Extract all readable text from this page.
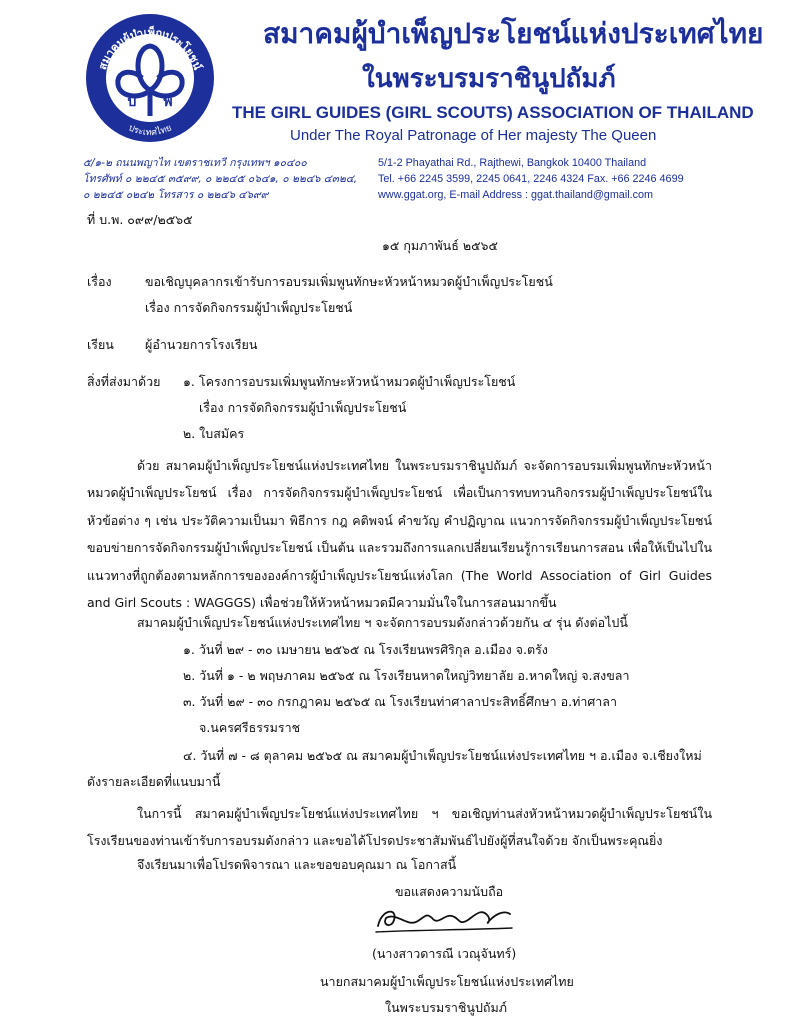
สมาคมผู้บำเพ็ญประโยชน์
ประเทศไทย
บ พ
สมาคมผู้บำเพ็ญประโยชน์แห่งประเทศไทย
ในพระบรมราชินูปถัมภ์
THE GIRL GUIDES (GIRL SCOUTS) ASSOCIATION OF THAILAND
Under The Royal Patronage of Her majesty The Queen
๕/๑-๒ ถนนพญาไท เขตราชเทวี กรุงเทพฯ ๑๐๔๐๐
โทรศัพท์ ๐ ๒๒๔๕ ๓๕๙๙, ๐ ๒๒๔๕ ๐๖๔๑, ๐ ๒๒๔๖ ๔๓๒๔,
๐ ๒๒๔๕ ๐๒๔๒ โทรสาร ๐ ๒๒๔๖ ๔๖๙๙
5/1-2 Phayathai Rd., Rajthewi, Bangkok 10400 Thailand
Tel. +66 2245 3599, 2245 0641, 2246 4324 Fax. +66 2246 4699
www.ggat.org, E-mail Address : ggat.thailand@gmail.com
ที่ บ.พ. ๐๙๙/๒๕๖๕
๑๕ กุมภาพันธ์ ๒๕๖๕
เรื่อง	ขอเชิญบุคลากรเข้ารับการอบรมเพิ่มพูนทักษะหัวหน้าหมวดผู้บำเพ็ญประโยชน์
เรื่อง การจัดกิจกรรมผู้บำเพ็ญประโยชน์
เรียน ผู้อำนวยการโรงเรียน
สิ่งที่ส่งมาด้วย ๑. โครงการอบรมเพิ่มพูนทักษะหัวหน้าหมวดผู้บำเพ็ญประโยชน์
เรื่อง การจัดกิจกรรมผู้บำเพ็ญประโยชน์
๒. ใบสมัคร
ด้วย สมาคมผู้บำเพ็ญประโยชน์แห่งประเทศไทย ในพระบรมราชินูปถัมภ์ จะจัดการอบรมเพิ่มพูนทักษะหัวหน้าหมวดผู้บำเพ็ญประโยชน์ เรื่อง การจัดกิจกรรมผู้บำเพ็ญประโยชน์ เพื่อเป็นการทบทวนกิจกรรมผู้บำเพ็ญประโยชน์ในหัวข้อต่าง ๆ เช่น ประวัติความเป็นมา พิธีการ กฎ คติพจน์ คำขวัญ คำปฏิญาณ แนวการจัดกิจกรรมผู้บำเพ็ญประโยชน์ ขอบข่ายการจัดกิจกรรมผู้บำเพ็ญประโยชน์ เป็นต้น และรวมถึงการแลกเปลี่ยนเรียนรู้การเรียนการสอน เพื่อให้เป็นไปในแนวทางที่ถูกต้องตามหลักการขององค์การผู้บำเพ็ญประโยชน์แห่งโลก (The World Association of Girl Guides and Girl Scouts : WAGGGS) เพื่อช่วยให้หัวหน้าหมวดมีความมั่นใจในการสอนมากขึ้น
สมาคมผู้บำเพ็ญประโยชน์แห่งประเทศไทย ฯ จะจัดการอบรมดังกล่าวด้วยกัน ๔ รุ่น ดังต่อไปนี้
๑. วันที่ ๒๙ - ๓๐ เมษายน ๒๕๖๕ ณ โรงเรียนพรศิริกุล อ.เมือง จ.ตรัง
๒. วันที่ ๑ - ๒ พฤษภาคม ๒๕๖๕ ณ โรงเรียนหาดใหญ่วิทยาลัย อ.หาดใหญ่ จ.สงขลา
๓. วันที่ ๒๙ - ๓๐ กรกฎาคม ๒๕๖๕ ณ โรงเรียนท่าศาลาประสิทธิ์ศึกษา อ.ท่าศาลา
จ.นครศรีธรรมราช
๔. วันที่ ๗ - ๘ ตุลาคม ๒๕๖๕ ณ สมาคมผู้บำเพ็ญประโยชน์แห่งประเทศไทย ฯ อ.เมือง จ.เชียงใหม่
ดังรายละเอียดที่แนบมานี้
ในการนี้ สมาคมผู้บำเพ็ญประโยชน์แห่งประเทศไทย ฯ ขอเชิญท่านส่งหัวหน้าหมวดผู้บำเพ็ญประโยชน์ในโรงเรียนของท่านเข้ารับการอบรมดังกล่าว และขอได้โปรดประชาสัมพันธ์ไปยังผู้ที่สนใจด้วย จักเป็นพระคุณยิ่ง
จึงเรียนมาเพื่อโปรดพิจารณา และขอขอบคุณมา ณ โอกาสนี้
ขอแสดงความนับถือ
(นางสาวดารณี เวณุจันทร์)
นายกสมาคมผู้บำเพ็ญประโยชน์แห่งประเทศไทย
ในพระบรมราชินูปถัมภ์
